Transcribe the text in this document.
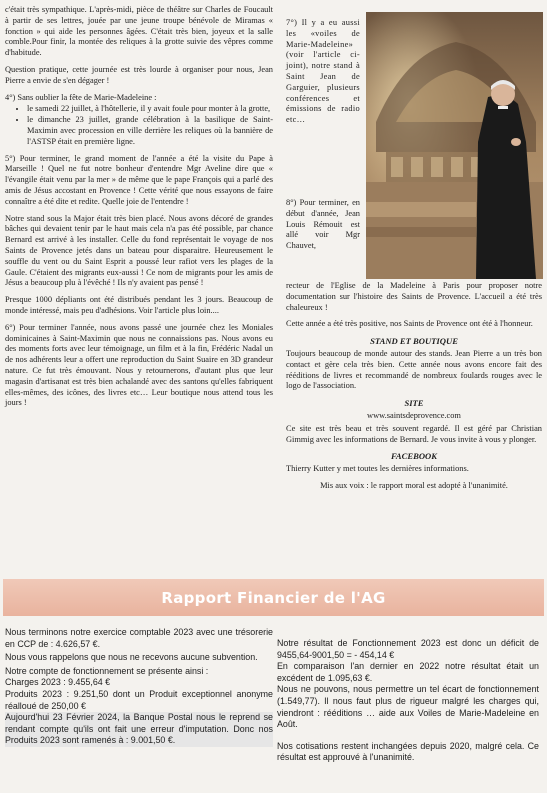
c'était très sympathique. L'après-midi, pièce de théâtre sur Charles de Foucault à partir de ses lettres, jouée par une jeune troupe bénévole de Miramas « fonction » qui aide les personnes âgées. C'était très bien, joyeux et la salle comble.Pour finir, la montée des reliques à la grotte suivie des vêpres comme d'habitude.

Question pratique, cette journée est très lourde à organiser pour nous, Jean Pierre a envie de s'en dégager !

4°) Sans oublier la fête de Marie-Madeleine :

• le samedi 22 juillet, à l'hôtellerie, il y avait foule pour monter à la grotte,
• le dimanche 23 juillet, grande célébration à la basilique de Saint-Maximin avec procession en ville derrière les reliques où la bannière de l'ASTSP était en première ligne.

5°) Pour terminer, le grand moment de l'année a été la visite du Pape à Marseille ! Quel ne fut notre bonheur d'entendre Mgr Aveline dire que « l'évangile était venu par la mer » de même que le pape François qui a parlé des amis de Jésus accostant en Provence ! Cette vérité que nous essayons de faire connaître a été dite et redite. Quelle joie de l'entendre !

Notre stand sous la Major était très bien placé. Nous avons décoré de grandes bâches qui devaient tenir par le haut mais cela n'a pas été possible, par chance Bernard est arrivé à les installer. Celle du fond représentait le voyage de nos Saints de Provence jetés dans un bateau pour disparaitre. Heureusement le souffle du vent ou du Saint Esprit a poussé leur rafiot vers les plages de la Gaule. C'étaient des migrants eux-aussi ! Ce nom de migrants pour les amis de Jésus a beaucoup plu à l'évêché ! Ils n'y avaient pas pensé !

Presque 1000 dépliants ont été distribués pendant les 3 jours. Beaucoup de monde intéressé, mais peu d'adhésions. Voir l'article plus loin....

6°) Pour terminer l'année, nous avons passé une journée chez les Moniales dominicaines à Saint-Maximin que nous ne connaissions pas. Nous avons eu des moments forts avec leur témoignage, un film et à la fin, Frédéric Nadal un de nos adhérents leur a offert une reproduction du Saint Suaire en 3D grandeur nature. Ce fut très émouvant. Nous y retournerons, d'autant plus que leur magasin d'artisanat est très bien achalandé avec des santons qu'elles fabriquent elles-mêmes, des icônes, des livres etc… Leur boutique nous attend tous les jours !

7°) Il y a eu aussi les «voiles de Marie-Madeleine» (voir l'article ci-joint), notre stand à Saint Jean de Garguier, plusieurs conférences et émissions de radio etc…

8°) Pour terminer, en début d'année, Jean Louis Rémouit est allé voir Mgr Chauvet,

recteur de l'Eglise de la Madeleine à Paris pour proposer notre documentation sur l'histoire des Saints de Provence. L'accueil a été très chaleureux !

Cette année a été très positive, nos Saints de Provence ont été à l'honneur.

STAND ET BOUTIQUE

Toujours beaucoup de monde autour des stands. Jean Pierre a un très bon contact et gère cela très bien. Cette année nous avons encore fait des rééditions de livres et recommandé de nombreux foulards rouges avec le logo de l'association.

SITE
www.saintsdeprovence.com

Ce site est très beau et très souvent regardé. Il est géré par Christian Gimmig avec les informations de Bernard. Je vous invite à vous y plonger.

FACEBOOK

Thierry Kutter y met toutes les dernières informations.

Mis aux voix : le rapport moral est adopté à l'unanimité.

Rapport Financier de l'AG

Nous terminons notre exercice comptable 2023 avec une trésorerie en CCP de : 4.626,57 €.

Nous vous rappelons que nous ne recevons aucune subvention.

Notre compte de fonctionnement se présente ainsi :

Charges 2023 : 9.455,64 €

Produits 2023 : 9.251,50 dont un Produit exceptionnel anonyme réalloué de 250,00 €

Aujourd'hui 23 Février 2024, la Banque Postal nous le reprend se rendant compte qu'ils ont fait une erreur d'imputation. Donc nos Produits 2023 sont ramenés à : 9.001,50 €.

Notre résultat de Fonctionnement 2023 est donc un déficit de 9455,64-9001,50 = - 454,14 €

En comparaison l'an dernier en 2022 notre résultat était un excédent de 1.095,63 €.

Nous ne pouvons, nous permettre un tel écart de fonctionnement (1.549,77). Il nous faut plus de rigueur malgré les charges qui, viendront : rééditions … aide aux Voiles de Marie-Madeleine en Août.

Nos cotisations restent inchangées depuis 2020, malgré cela. Ce résultat est approuvé à l'unanimité.
